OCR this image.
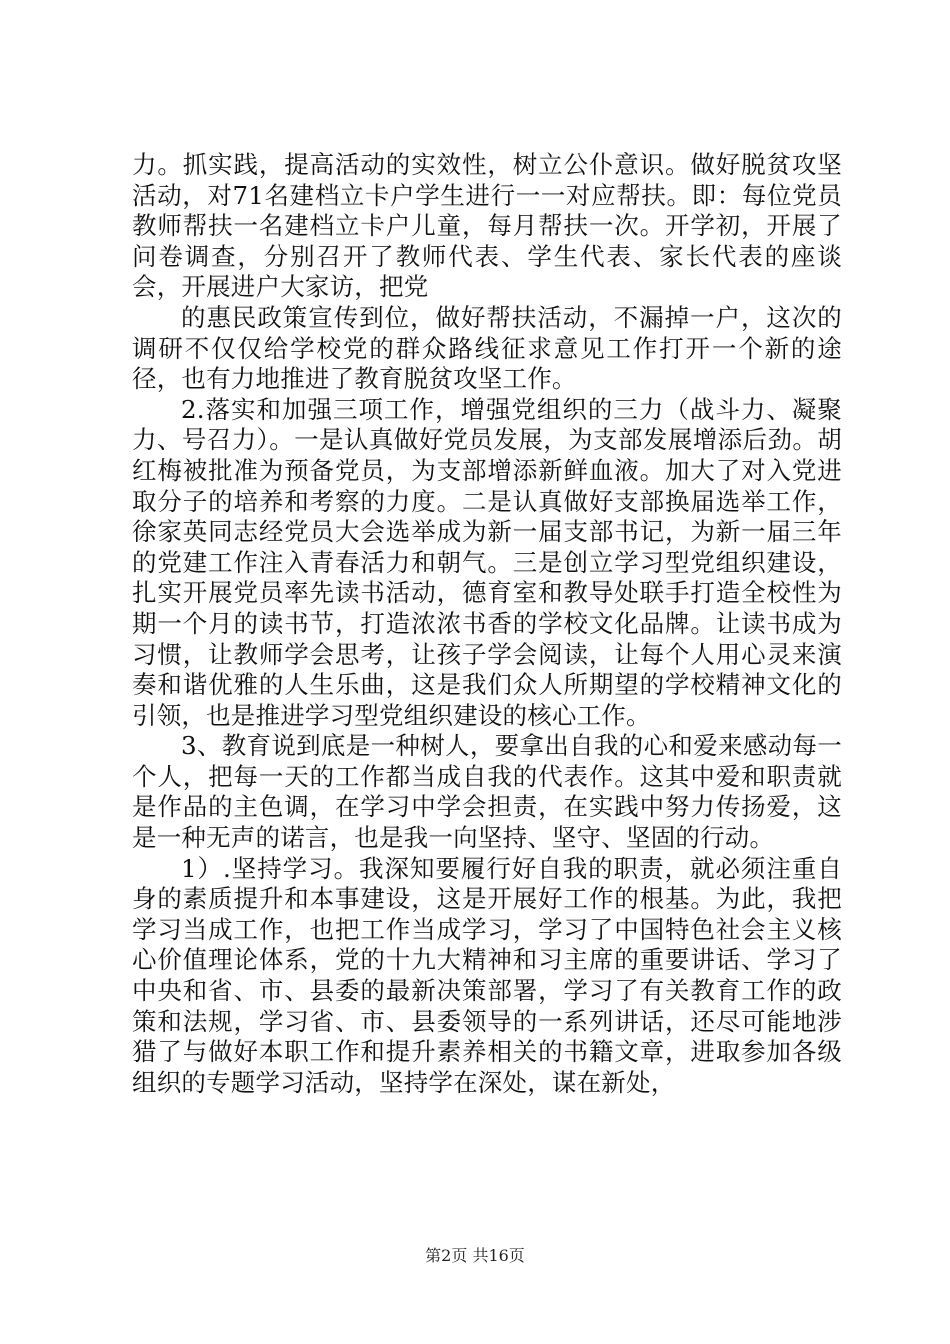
力。抓实践，提高活动的实效性，树立公仆意识。做好脱贫攻坚活动，对71名建档立卡户学生进行一一对应帮扶。即：每位党员教师帮扶一名建档立卡户儿童，每月帮扶一次。开学初，开展了问卷调查，分别召开了教师代表、学生代表、家长代表的座谈会，开展进户大家访，把党

的惠民政策宣传到位，做好帮扶活动，不漏掉一户，这次的调研不仅仅给学校党的群众路线征求意见工作打开一个新的途径，也有力地推进了教育脱贫攻坚工作。

2.落实和加强三项工作，增强党组织的三力（战斗力、凝聚力、号召力）。一是认真做好党员发展，为支部发展增添后劲。胡红梅被批准为预备党员，为支部增添新鲜血液。加大了对入党进取分子的培养和考察的力度。二是认真做好支部换届选举工作，徐家英同志经党员大会选举成为新一届支部书记，为新一届三年的党建工作注入青春活力和朝气。三是创立学习型党组织建设，扎实开展党员率先读书活动，德育室和教导处联手打造全校性为期一个月的读书节，打造浓浓书香的学校文化品牌。让读书成为习惯，让教师学会思考，让孩子学会阅读，让每个人用心灵来演奏和谐优雅的人生乐曲，这是我们众人所期望的学校精神文化的引领，也是推进学习型党组织建设的核心工作。

3、教育说到底是一种树人，要拿出自我的心和爱来感动每一个人，把每一天的工作都当成自我的代表作。这其中爱和职责就是作品的主色调，在学习中学会担责，在实践中努力传扬爱，这是一种无声的诺言，也是我一向坚持、坚守、坚固的行动。

1）.坚持学习。我深知要履行好自我的职责，就必须注重自身的素质提升和本事建设，这是开展好工作的根基。为此，我把学习当成工作，也把工作当成学习，学习了中国特色社会主义核心价值理论体系，党的十九大精神和习主席的重要讲话、学习了中央和省、市、县委的最新决策部署，学习了有关教育工作的政策和法规，学习省、市、县委领导的一系列讲话，还尽可能地涉猎了与做好本职工作和提升素养相关的书籍文章，进取参加各级组织的专题学习活动，坚持学在深处，谋在新处，

第2页 共16页
